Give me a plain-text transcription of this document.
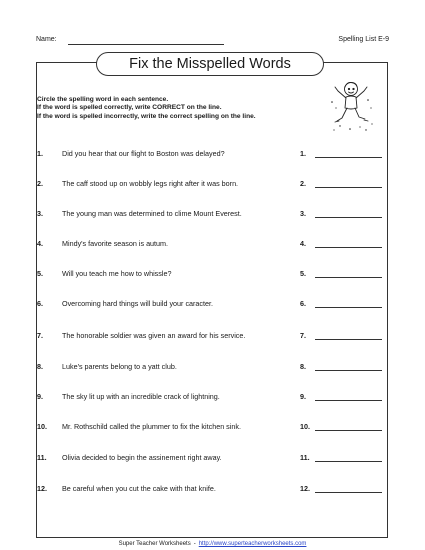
Name:	Spelling List E-9
Fix the Misspelled Words
Circle the spelling word in each sentence.
If the word is spelled correctly, write CORRECT on the line.
If the word is spelled incorrectly, write the correct spelling on the line.
1.	Did you hear that our flight to Boston was delayed?	1.
2.	The caff stood up on wobbly legs right after it was born.	2.
3.	The young man was determined to clime Mount Everest.	3.
4.	Mindy's favorite season is autum.	4.
5.	Will you teach me how to whissle?	5.
6.	Overcoming hard things will build your caracter.	6.
7.	The honorable soldier was given an award for his service.	7.
8.	Luke's parents belong to a yatt club.	8.
9.	The sky lit up with an incredible crack of lightning.	9.
10. Mr. Rothschild called the plummer to fix the kitchen sink.	10.
11. Olivia decided to begin the assinement right away.	11.
12. Be careful when you cut the cake with that knife.	12.
Super Teacher Worksheets - http://www.superteacherworksheets.com
